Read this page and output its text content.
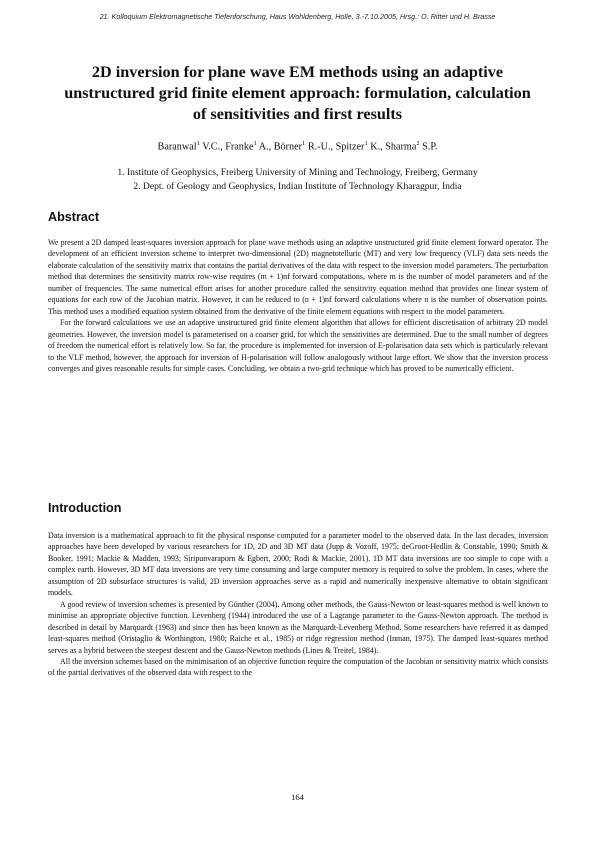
21. Kolloquium Elektromagnetische Tiefenforschung, Haus Wohldenberg, Holle, 3.-7.10.2005, Hrsg.: O. Ritter und H. Brasse
2D inversion for plane wave EM methods using an adaptive
unstructured grid finite element approach: formulation, calculation
of sensitivities and first results
Baranwal$^1$ V.C., Franke$^1$ A., Börner$^1$ R.-U., Spitzer$^1$ K., Sharma$^2$ S.P.
1. Institute of Geophysics, Freiberg University of Mining and Technology, Freiberg, Germany
2. Dept. of Geology and Geophysics, Indian Institute of Technology Kharagpur, India
Abstract

We present a 2D damped least-squares inversion approach for plane wave methods using an adaptive unstructured grid finite element forward operator. The development of an efficient inversion scheme to interpret two-dimensional (2D) magnetotelluric (MT) and very low frequency (VLF) data sets needs the elaborate calculation of the sensitivity matrix that contains the partial derivatives of the data with respect to the inversion model parameters. The perturbation method that determines the sensitivity matrix row-wise requires (m + 1)nf forward computations, where m is the number of model parameters and nf the number of frequencies. The same numerical effort arises for another procedure called the sensitivity equation method that provides one linear system of equations for each row of the Jacobian matrix. However, it can be reduced to (n + 1)nf forward calculations where n is the number of observation points. This method uses a modified equation system obtained from the derivative of the finite element equations with respect to the model parameters.

For the forward calculations we use an adaptive unstructured grid finite element algorithm that allows for efficient discretisation of arbitrary 2D model geometries. However, the inversion model is parameterised on a coarser grid, for which the sensitivities are determined. Due to the small number of degrees of freedom the numerical effort is relatively low. So far, the procedure is implemented for inversion of E-polarisation data sets which is particularly relevant to the VLF method, however, the approach for inversion of H-polarisation will follow analogously without large effort. We show that the inversion process converges and gives reasonable results for simple cases. Concluding, we obtain a two-grid technique which has proved to be numerically efficient.

Introduction

Data inversion is a mathematical approach to fit the physical response computed for a parameter model to the observed data. In the last decades, inversion approaches have been developed by various researchers for 1D, 2D and 3D MT data (Jupp & Vozoff, 1975; deGroot-Hedlin & Constable, 1990; Smith & Booker, 1991; Mackie & Madden, 1993; Siripunvaraporn & Egbert, 2000; Rodi & Mackie, 2001). 1D MT data inversions are too simple to cope with a complex earth. However, 3D MT data inversions are very time consuming and large computer memory is required to solve the problem. In cases, where the assumption of 2D subsurface structures is valid, 2D inversion approaches serve as a rapid and numerically inexpensive alternative to obtain significant models.

A good review of inversion schemes is presented by Günther (2004). Among other methods, the Gauss-Newton or least-squares method is well known to minimise an appropriate objective function. Levenberg (1944) introduced the use of a Lagrange parameter to the Gauss-Newton approach. The method is described in detail by Marquardt (1963) and since then has been known as the Marquardt-Levenberg Method. Some researchers have referred it as damped least-squares method (Oristaglio & Worthington, 1980; Raiche et al., 1985) or ridge regression method (Inman, 1975). The damped least-squares method serves as a hybrid between the steepest descent and the Gauss-Newton methods (Lines & Treitel, 1984).

All the inversion schemes based on the minimisation of an objective function require the computation of the Jacobian or sensitivity matrix which consists of the partial derivatives of the observed data with respect to the

164
